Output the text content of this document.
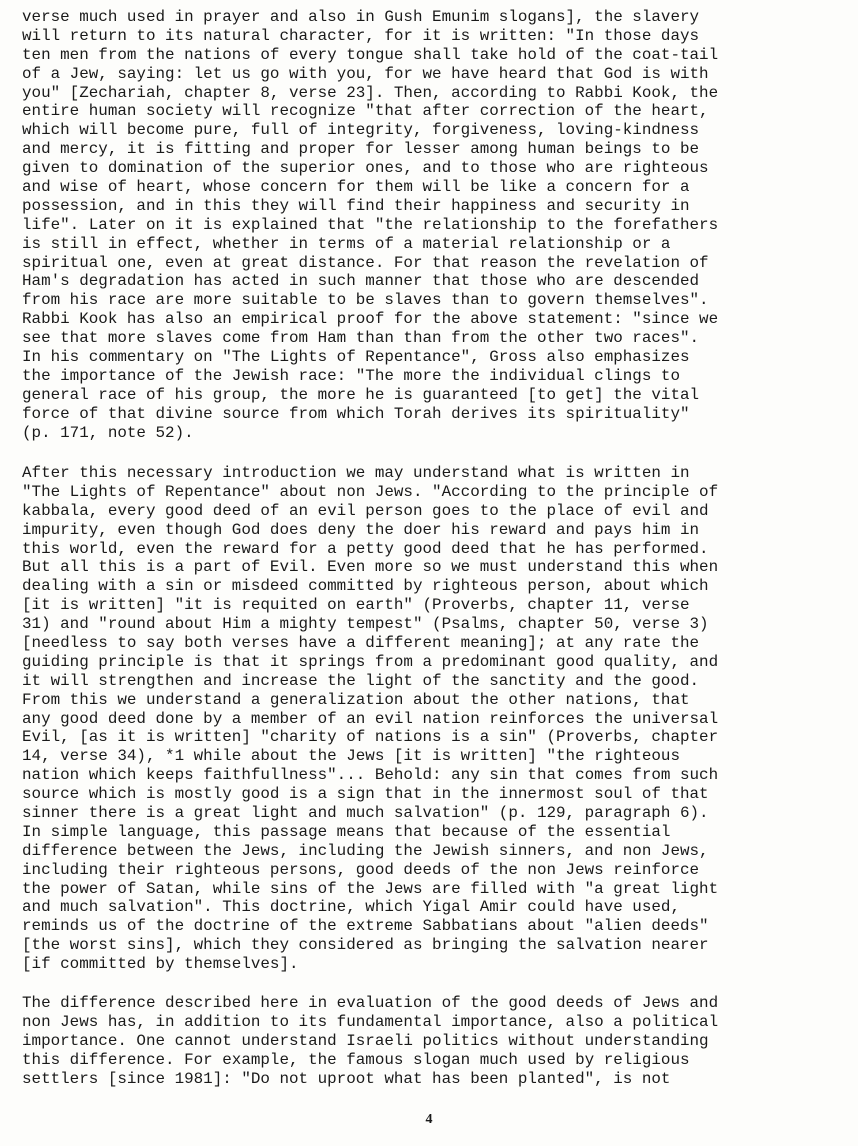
verse much used in prayer and also in Gush Emunim slogans], the slavery
will return to its natural character, for it is written: "In those days
ten men from the nations of every tongue shall take hold of the coat-tail
of a Jew, saying: let us go with you, for we have heard that God is with
you" [Zechariah, chapter 8, verse 23]. Then, according to Rabbi Kook, the
entire human society will recognize "that after correction of the heart,
which will become pure, full of integrity, forgiveness, loving-kindness
and mercy, it is fitting and proper for lesser among human beings to be
given to domination of the superior ones, and to those who are righteous
and wise of heart, whose concern for them will be like a concern for a
possession, and in this they will find their happiness and security in
life". Later on it is explained that "the relationship to the forefathers
is still in effect, whether in terms of a material relationship or a
spiritual one, even at great distance. For that reason the revelation of
Ham's degradation has acted in such manner that those who are descended
from his race are more suitable to be slaves than to govern themselves".
Rabbi Kook has also an empirical proof for the above statement: "since we
see that more slaves come from Ham than than from the other two races".
In his commentary on "The Lights of Repentance", Gross also emphasizes
the importance of the Jewish race: "The more the individual clings to
general race of his group, the more he is guaranteed [to get] the vital
force of that divine source from which Torah derives its spirituality"
(p. 171, note 52).
After this necessary introduction we may understand what is written in
"The Lights of Repentance" about non Jews. "According to the principle of
kabbala, every good deed of an evil person goes to the place of evil and
impurity, even though God does deny the doer his reward and pays him in
this world, even the reward for a petty good deed that he has performed.
But all this is a part of Evil. Even more so we must understand this when
dealing with a sin or misdeed committed by righteous person, about which
[it is written] "it is requited on earth" (Proverbs, chapter 11, verse
31) and "round about Him a mighty tempest" (Psalms, chapter 50, verse 3)
[needless to say both verses have a different meaning]; at any rate the
guiding principle is that it springs from a predominant good quality, and
it will strengthen and increase the light of the sanctity and the good.
From this we understand a generalization about the other nations, that
any good deed done by a member of an evil nation reinforces the universal
Evil, [as it is written] "charity of nations is a sin" (Proverbs, chapter
14, verse 34), *1 while about the Jews [it is written] "the righteous
nation which keeps faithfullness"... Behold: any sin that comes from such
source which is mostly good is a sign that in the innermost soul of that
sinner there is a great light and much salvation" (p. 129, paragraph 6).
In simple language, this passage means that because of the essential
difference between the Jews, including the Jewish sinners, and non Jews,
including their righteous persons, good deeds of the non Jews reinforce
the power of Satan, while sins of the Jews are filled with "a great light
and much salvation". This doctrine, which Yigal Amir could have used,
reminds us of the doctrine of the extreme Sabbatians about "alien deeds"
[the worst sins], which they considered as bringing the salvation nearer
[if committed by themselves].
The difference described here in evaluation of the good deeds of Jews and
non Jews has, in addition to its fundamental importance, also a political
importance. One cannot understand Israeli politics without understanding
this difference. For example, the famous slogan much used by religious
settlers [since 1981]: "Do not uproot what has been planted", is not
4
